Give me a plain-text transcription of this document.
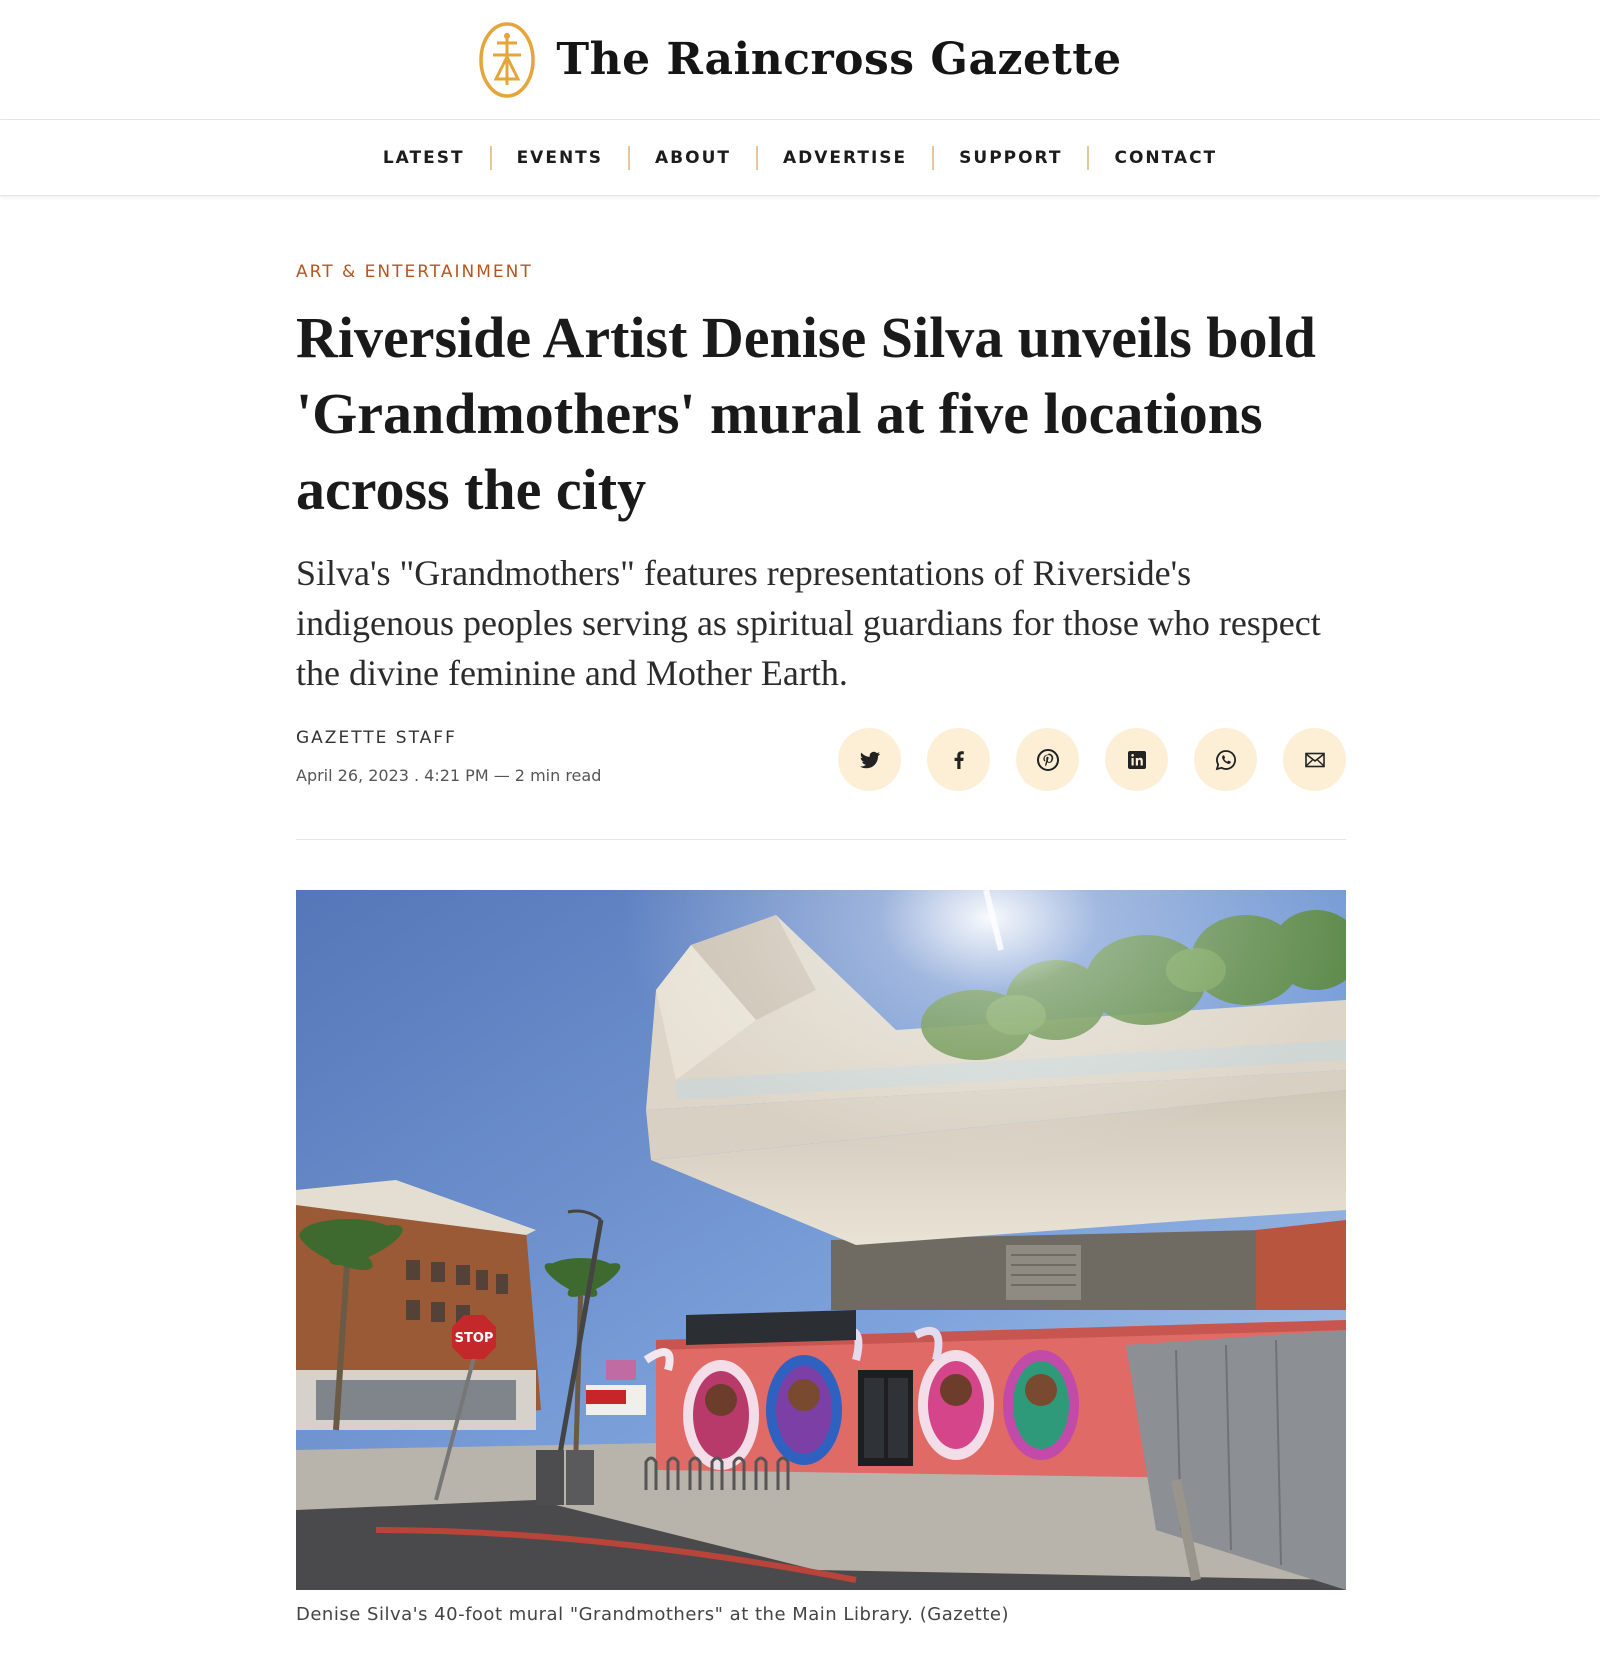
The Raincross Gazette
LATEST	EVENTS	ABOUT	ADVERTISE	SUPPORT	CONTACT
ART & ENTERTAINMENT
Riverside Artist Denise Silva unveils bold 'Grandmothers' mural at five locations across the city

Silva's "Grandmothers" features representations of Riverside's indigenous peoples serving as spiritual guardians for those who respect the divine feminine and Mother Earth.

GAZETTE STAFF
April 26, 2023 . 4:21 PM — 2 min read
Denise Silva's 40-foot mural "Grandmothers" at the Main Library. (Gazette)
